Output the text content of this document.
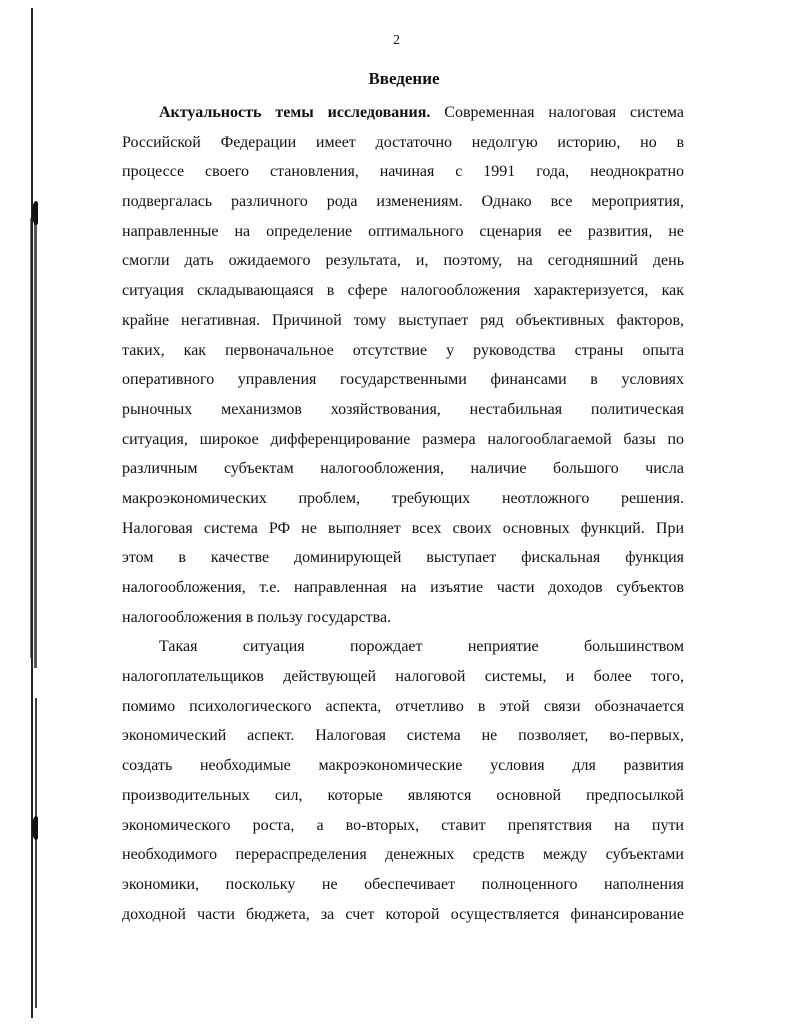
2
Введение
Актуальность темы исследования. Современная налоговая система
Российской Федерации имеет достаточно недолгую историю, но в
процессе своего становления, начиная с 1991 года, неоднократно
подвергалась различного рода изменениям. Однако все мероприятия,
направленные на определение оптимального сценария ее развития, не
смогли дать ожидаемого результата, и, поэтому, на сегодняшний день
ситуация складывающаяся в сфере налогообложения характеризуется, как
крайне негативная. Причиной тому выступает ряд объективных факторов,
таких, как первоначальное отсутствие у руководства страны опыта
оперативного управления государственными финансами в условиях
рыночных механизмов хозяйствования, нестабильная политическая
ситуация, широкое дифференцирование размера налогооблагаемой базы по
различным субъектам налогообложения, наличие большого числа
макроэкономических проблем, требующих неотложного решения.
Налоговая система РФ не выполняет всех своих основных функций. При
этом в качестве доминирующей выступает фискальная функция
налогообложения, т.е. направленная на изъятие части доходов субъектов
налогообложения в пользу государства.
Такая ситуация порождает неприятие большинством
налогоплательщиков действующей налоговой системы, и более того,
помимо психологического аспекта, отчетливо в этой связи обозначается
экономический аспект. Налоговая система не позволяет, во-первых,
создать необходимые макроэкономические условия для развития
производительных сил, которые являются основной предпосылкой
экономического роста, а во-вторых, ставит препятствия на пути
необходимого перераспределения денежных средств между субъектами
экономики, поскольку не обеспечивает полноценного наполнения
доходной части бюджета, за счет которой осуществляется финансирование
